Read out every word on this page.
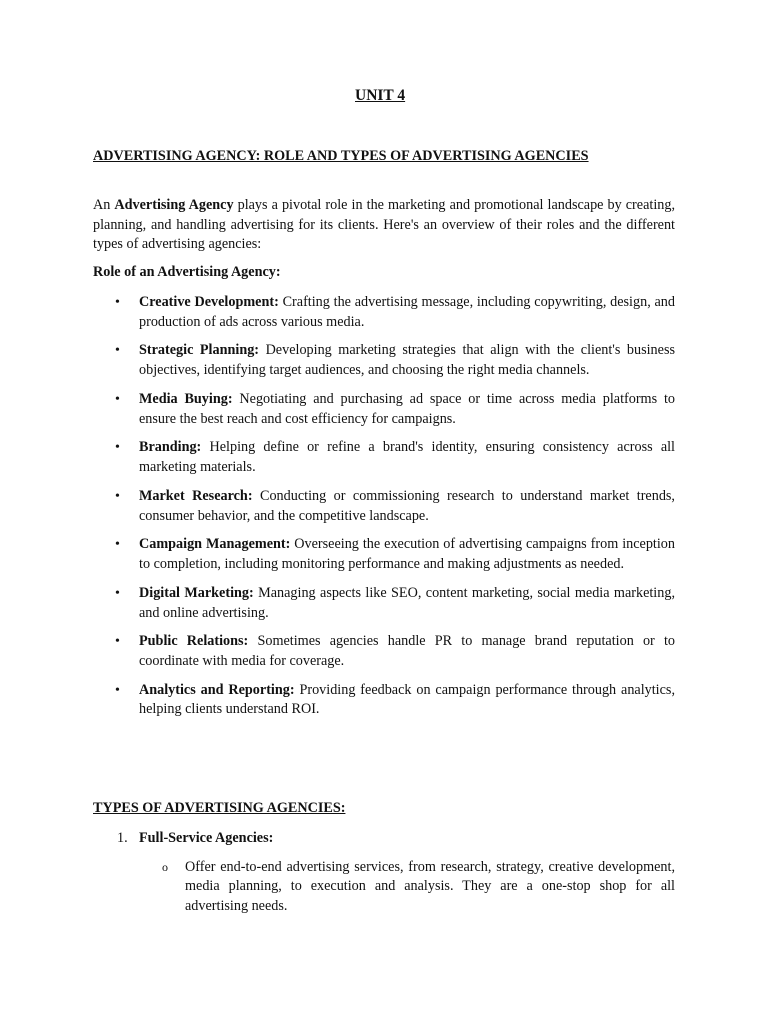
UNIT 4
ADVERTISING AGENCY: ROLE AND TYPES OF ADVERTISING AGENCIES

An Advertising Agency plays a pivotal role in the marketing and promotional landscape by creating, planning, and handling advertising for its clients. Here's an overview of their roles and the different types of advertising agencies:

Role of an Advertising Agency:

• Creative Development: Crafting the advertising message, including copywriting, design, and production of ads across various media.
• Strategic Planning: Developing marketing strategies that align with the client's business objectives, identifying target audiences, and choosing the right media channels.
• Media Buying: Negotiating and purchasing ad space or time across media platforms to ensure the best reach and cost efficiency for campaigns.
• Branding: Helping define or refine a brand's identity, ensuring consistency across all marketing materials.
• Market Research: Conducting or commissioning research to understand market trends, consumer behavior, and the competitive landscape.
• Campaign Management: Overseeing the execution of advertising campaigns from inception to completion, including monitoring performance and making adjustments as needed.
• Digital Marketing: Managing aspects like SEO, content marketing, social media marketing, and online advertising.
• Public Relations: Sometimes agencies handle PR to manage brand reputation or to coordinate with media for coverage.
• Analytics and Reporting: Providing feedback on campaign performance through analytics, helping clients understand ROI.
TYPES OF ADVERTISING AGENCIES:
1. Full-Service Agencies:
o Offer end-to-end advertising services, from research, strategy, creative development, media planning, to execution and analysis. They are a one-stop shop for all advertising needs.
